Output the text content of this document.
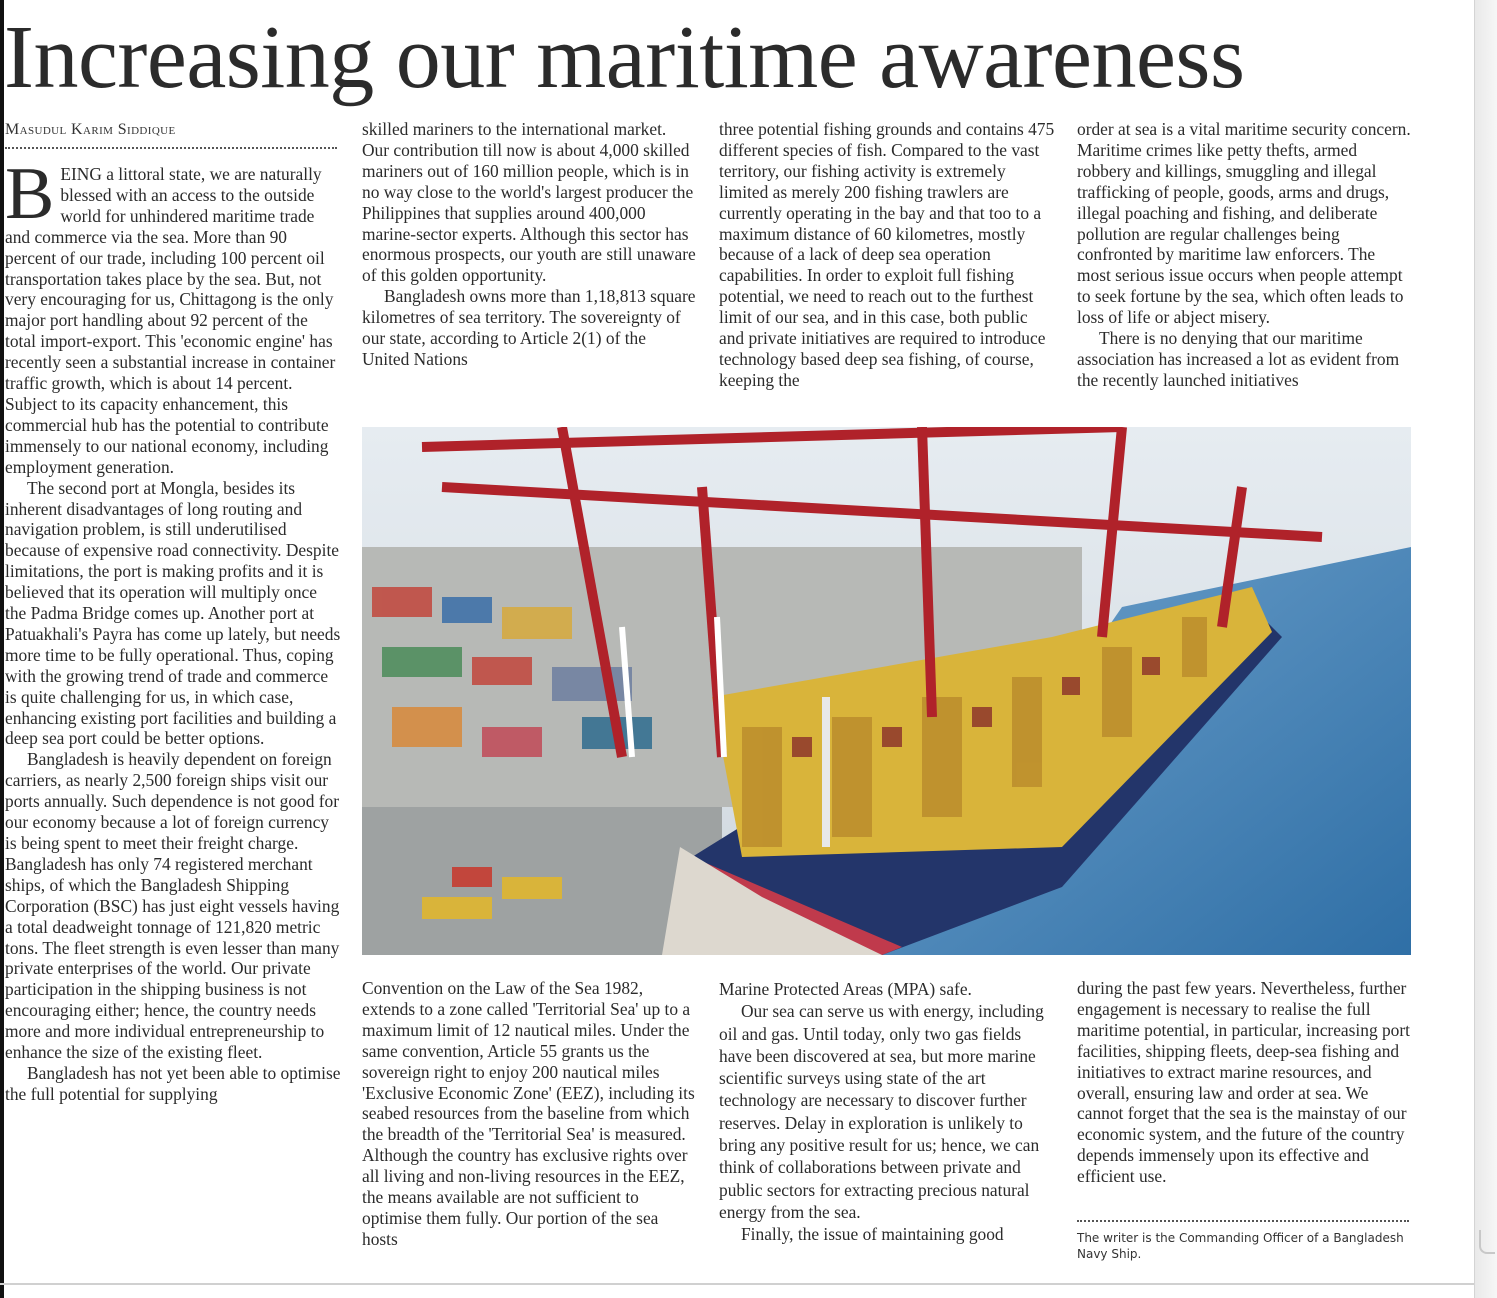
Increasing our maritime awareness
Masudul Karim Siddique

BEING a littoral state, we are naturally blessed with an access to the outside world for unhindered maritime trade and commerce via the sea. More than 90 percent of our trade, including 100 percent oil transportation takes place by the sea. But, not very encouraging for us, Chittagong is the only major port handling about 92 percent of the total import-export. This 'economic engine' has recently seen a substantial increase in container traffic growth, which is about 14 percent. Subject to its capacity enhancement, this commercial hub has the potential to contribute immensely to our national economy, including employment generation.

The second port at Mongla, besides its inherent disadvantages of long routing and navigation problem, is still underutilised because of expensive road connectivity. Despite limitations, the port is making profits and it is believed that its operation will multiply once the Padma Bridge comes up. Another port at Patuakhali's Payra has come up lately, but needs more time to be fully operational. Thus, coping with the growing trend of trade and commerce is quite challenging for us, in which case, enhancing existing port facilities and building a deep sea port could be better options.

Bangladesh is heavily dependent on foreign carriers, as nearly 2,500 foreign ships visit our ports annually. Such dependence is not good for our economy because a lot of foreign currency is being spent to meet their freight charge. Bangladesh has only 74 registered merchant ships, of which the Bangladesh Shipping Corporation (BSC) has just eight vessels having a total deadweight tonnage of 121,820 metric tons. The fleet strength is even lesser than many private enterprises of the world. Our private participation in the shipping business is not encouraging either; hence, the country needs more and more individual entrepreneurship to enhance the size of the existing fleet.

Bangladesh has not yet been able to optimise the full potential for supplying

skilled mariners to the international market. Our contribution till now is about 4,000 skilled mariners out of 160 million people, which is in no way close to the world's largest producer the Philippines that supplies around 400,000 marine-sector experts. Although this sector has enormous prospects, our youth are still unaware of this golden opportunity.

Bangladesh owns more than 1,18,813 square kilometres of sea territory. The sovereignty of our state, according to Article 2(1) of the United Nations

three potential fishing grounds and contains 475 different species of fish. Compared to the vast territory, our fishing activity is extremely limited as merely 200 fishing trawlers are currently operating in the bay and that too to a maximum distance of 60 kilometres, mostly because of a lack of deep sea operation capabilities. In order to exploit full fishing potential, we need to reach out to the furthest limit of our sea, and in this case, both public and private initiatives are required to introduce technology based deep sea fishing, of course, keeping the

order at sea is a vital maritime security concern. Maritime crimes like petty thefts, armed robbery and killings, smuggling and illegal trafficking of people, goods, arms and drugs, illegal poaching and fishing, and deliberate pollution are regular challenges being confronted by maritime law enforcers. The most serious issue occurs when people attempt to seek fortune by the sea, which often leads to loss of life or abject misery.

There is no denying that our maritime association has increased a lot as evident from the recently launched initiatives

Convention on the Law of the Sea 1982, extends to a zone called 'Territorial Sea' up to a maximum limit of 12 nautical miles. Under the same convention, Article 55 grants us the sovereign right to enjoy 200 nautical miles 'Exclusive Economic Zone' (EEZ), including its seabed resources from the baseline from which the breadth of the 'Territorial Sea' is measured. Although the country has exclusive rights over all living and non-living resources in the EEZ, the means available are not sufficient to optimise them fully. Our portion of the sea hosts

Marine Protected Areas (MPA) safe.

Our sea can serve us with energy, including oil and gas. Until today, only two gas fields have been discovered at sea, but more marine scientific surveys using state of the art technology are necessary to discover further reserves. Delay in exploration is unlikely to bring any positive result for us; hence, we can think of collaborations between private and public sectors for extracting precious natural energy from the sea.

Finally, the issue of maintaining good

during the past few years. Nevertheless, further engagement is necessary to realise the full maritime potential, in particular, increasing port facilities, shipping fleets, deep-sea fishing and initiatives to extract marine resources, and overall, ensuring law and order at sea. We cannot forget that the sea is the mainstay of our economic system, and the future of the country depends immensely upon its effective and efficient use.

The writer is the Commanding Officer of a Bangladesh Navy Ship.
